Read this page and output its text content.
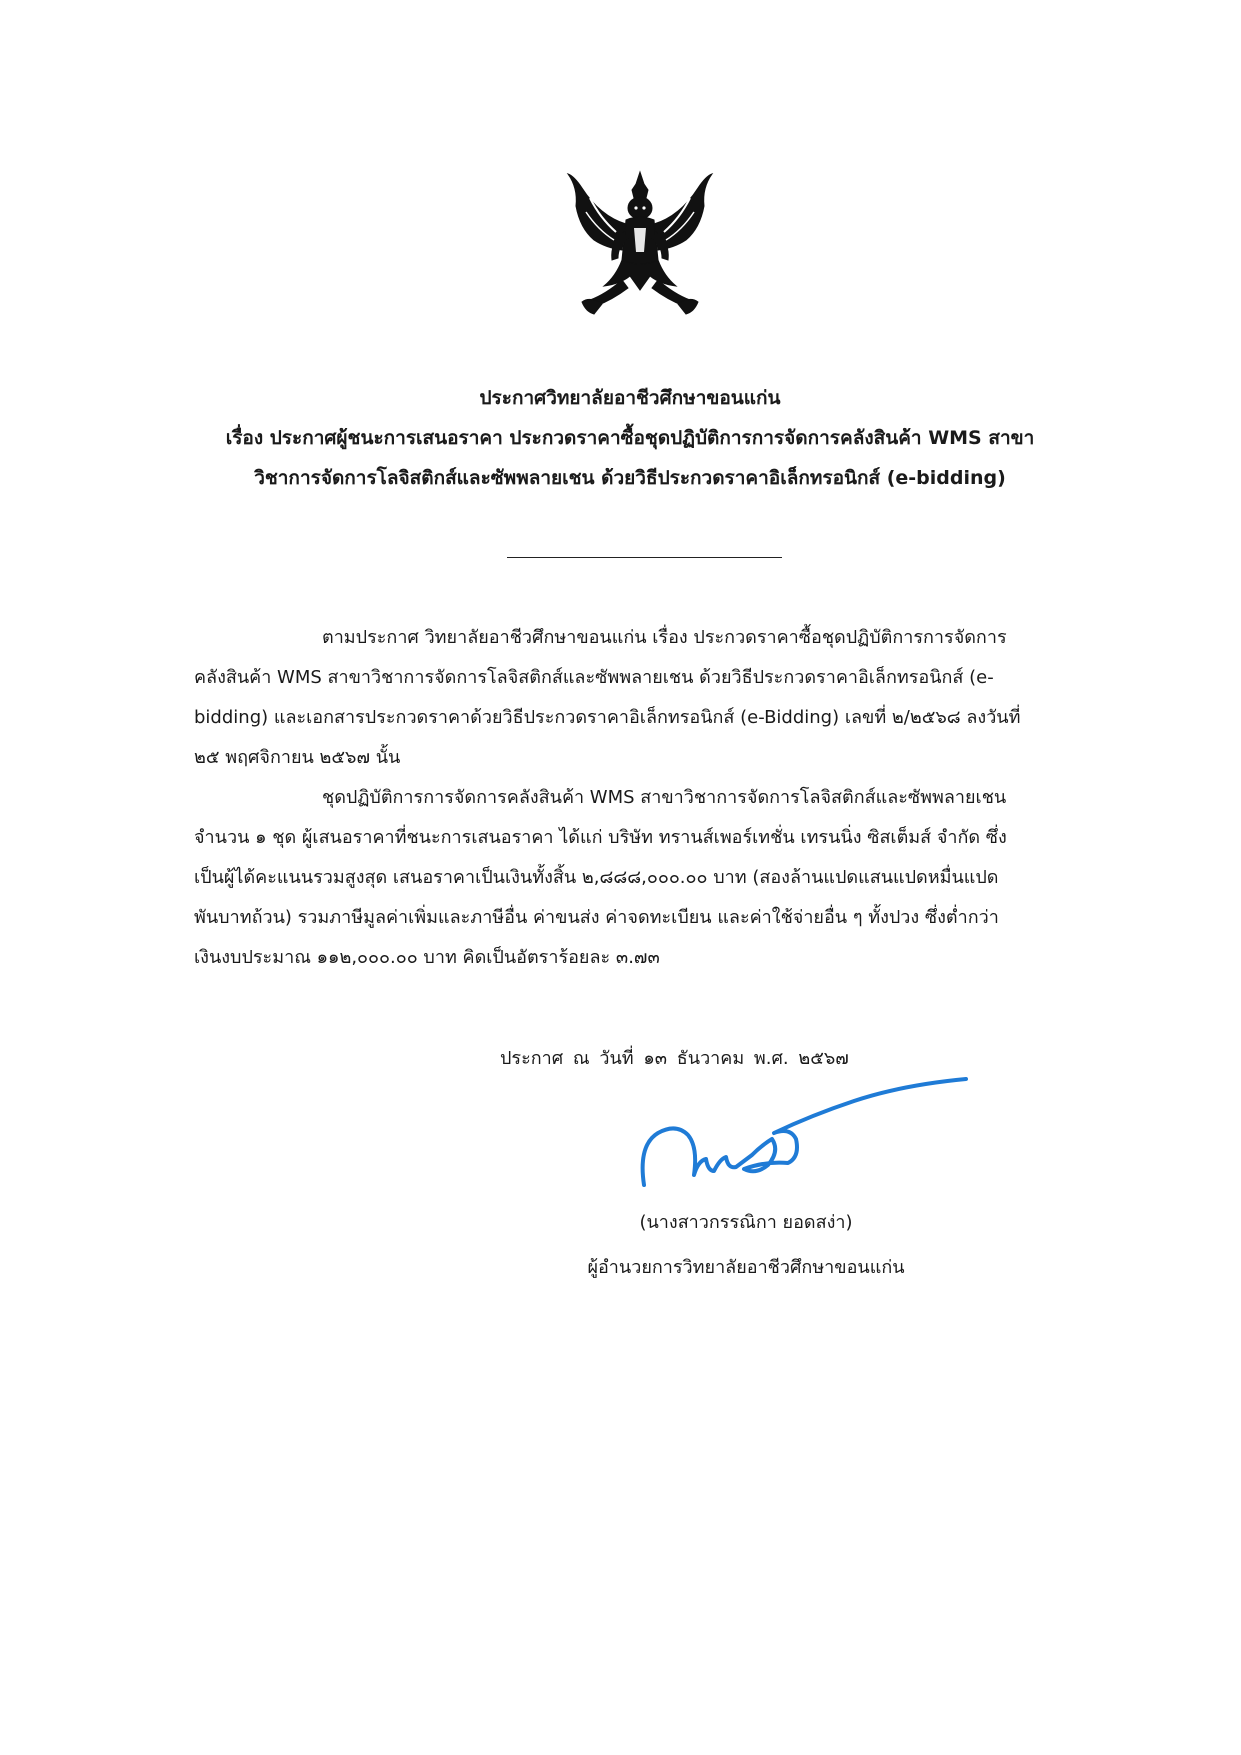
ประกาศวิทยาลัยอาชีวศึกษาขอนแก่น
เรื่อง ประกาศผู้ชนะการเสนอราคา ประกวดราคาซื้อชุดปฏิบัติการการจัดการคลังสินค้า WMS สาขา
วิชาการจัดการโลจิสติกส์และซัพพลายเชน ด้วยวิธีประกวดราคาอิเล็กทรอนิกส์ (e-bidding)
ตามประกาศ วิทยาลัยอาชีวศึกษาขอนแก่น เรื่อง ประกวดราคาซื้อชุดปฏิบัติการการจัดการ
คลังสินค้า WMS สาขาวิชาการจัดการโลจิสติกส์และซัพพลายเชน ด้วยวิธีประกวดราคาอิเล็กทรอนิกส์ (e-
bidding) และเอกสารประกวดราคาด้วยวิธีประกวดราคาอิเล็กทรอนิกส์ (e-Bidding) เลขที่ ๒/๒๕๖๘ ลงวันที่
๒๕ พฤศจิกายน ๒๕๖๗ นั้น
ชุดปฏิบัติการการจัดการคลังสินค้า WMS สาขาวิชาการจัดการโลจิสติกส์และซัพพลายเชน
จำนวน ๑ ชุด ผู้เสนอราคาที่ชนะการเสนอราคา ได้แก่ บริษัท ทรานส์เพอร์เทชั่น เทรนนิ่ง ซิสเต็มส์ จำกัด ซึ่ง
เป็นผู้ได้คะแนนรวมสูงสุด เสนอราคาเป็นเงินทั้งสิ้น ๒,๘๘๘,๐๐๐.๐๐ บาท (สองล้านแปดแสนแปดหมื่นแปด
พันบาทถ้วน) รวมภาษีมูลค่าเพิ่มและภาษีอื่น ค่าขนส่ง ค่าจดทะเบียน และค่าใช้จ่ายอื่น ๆ ทั้งปวง ซึ่งต่ำกว่า
เงินงบประมาณ ๑๑๒,๐๐๐.๐๐ บาท คิดเป็นอัตราร้อยละ ๓.๗๓
ประกาศ ณ วันที่ ๑๓ ธันวาคม พ.ศ. ๒๕๖๗
(นางสาวกรรณิกา ยอดสง่า)
ผู้อำนวยการวิทยาลัยอาชีวศึกษาขอนแก่น
